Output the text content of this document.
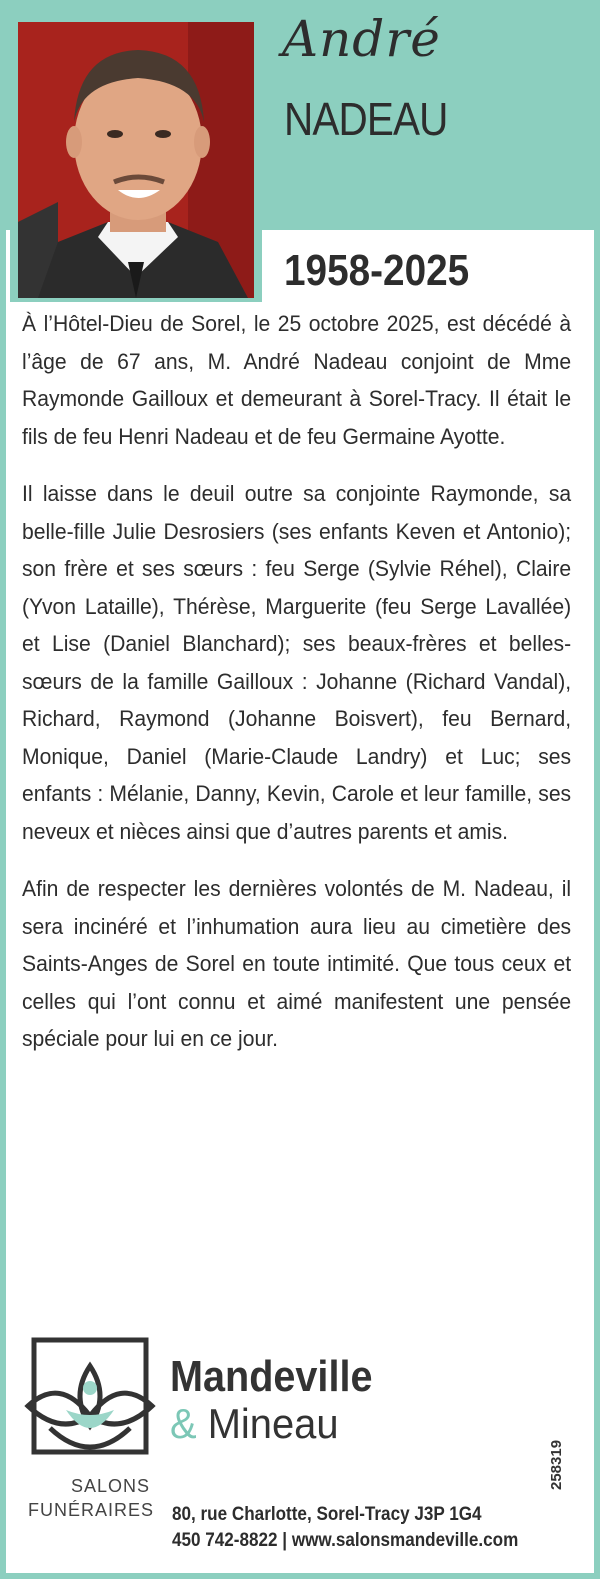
André
NADEAU
1958-2025

À l’Hôtel-Dieu de Sorel, le 25 octobre 2025, est décédé à l’âge de 67 ans, M. André Nadeau conjoint de Mme Raymonde Gailloux et demeurant à Sorel-Tracy. Il était le fils de feu Henri Nadeau et de feu Germaine Ayotte.

Il laisse dans le deuil outre sa conjointe Raymonde, sa belle-fille Julie Desrosiers (ses enfants Keven et Antonio); son frère et ses sœurs : feu Serge (Sylvie Réhel), Claire (Yvon Lataille), Thérèse, Marguerite (feu Serge Lavallée) et Lise (Daniel Blanchard); ses beaux-frères et belles-sœurs de la famille Gailloux : Johanne (Richard Vandal), Richard, Raymond (Johanne Boisvert), feu Bernard, Monique, Daniel (Marie-Claude Landry) et Luc; ses enfants : Mélanie, Danny, Kevin, Carole et leur famille, ses neveux et nièces ainsi que d’autres parents et amis.

Afin de respecter les dernières volontés de M. Nadeau, il sera incinéré et l’inhumation aura lieu au cimetière des Saints-Anges de Sorel en toute intimité. Que tous ceux et celles qui l’ont connu et aimé manifestent une pensée spéciale pour lui en ce jour.

Mandeville
& Mineau
SALONS
FUNÉRAIRES 80, rue Charlotte, Sorel-Tracy J3P 1G4
450 742-8822 | www.salonsmandeville.com
258319
